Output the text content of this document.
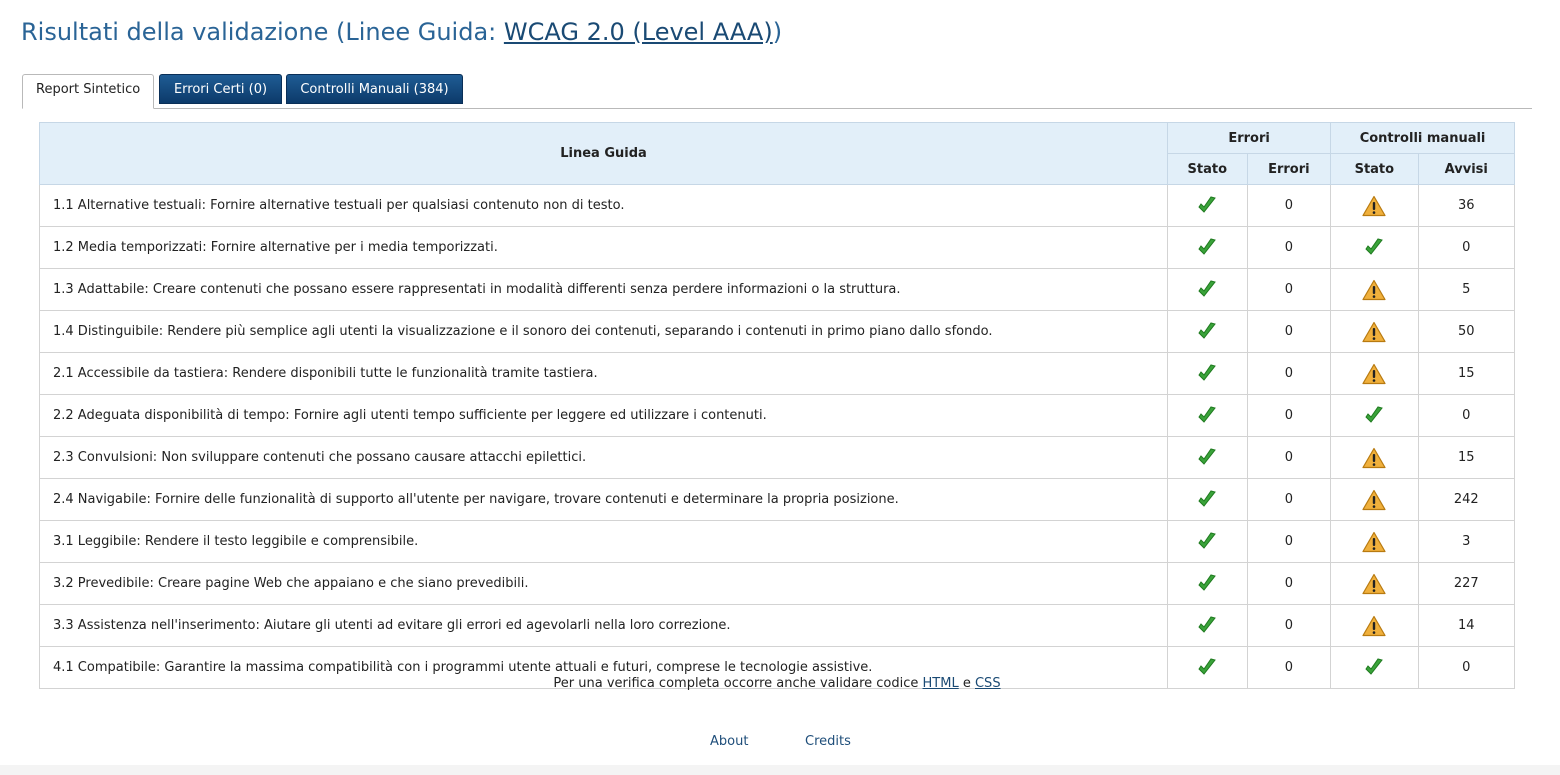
Risultati della validazione (Linee Guida: WCAG 2.0 (Level AAA))
Report Sintetico	Errori Certi (0)	Controlli Manuali (384)
Linea Guida	Errori		Controlli manuali	
	Stato	Errori	Stato	Avvisi
1.1 Alternative testuali: Fornire alternative testuali per qualsiasi contenuto non di testo.		0		36
1.2 Media temporizzati: Fornire alternative per i media temporizzati.		0		0
1.3 Adattabile: Creare contenuti che possano essere rappresentati in modalità differenti senza perdere informazioni o la struttura.		0		5
1.4 Distinguibile: Rendere più semplice agli utenti la visualizzazione e il sonoro dei contenuti, separando i contenuti in primo piano dallo sfondo.		0		50
2.1 Accessibile da tastiera: Rendere disponibili tutte le funzionalità tramite tastiera.		0		15
2.2 Adeguata disponibilità di tempo: Fornire agli utenti tempo sufficiente per leggere ed utilizzare i contenuti.		0		0
2.3 Convulsioni: Non sviluppare contenuti che possano causare attacchi epilettici.		0		15
2.4 Navigabile: Fornire delle funzionalità di supporto all'utente per navigare, trovare contenuti e determinare la propria posizione.		0		242
3.1 Leggibile: Rendere il testo leggibile e comprensibile.		0		3
3.2 Prevedibile: Creare pagine Web che appaiano e che siano prevedibili.		0		227
3.3 Assistenza nell'inserimento: Aiutare gli utenti ad evitare gli errori ed agevolarli nella loro correzione.		0		14
4.1 Compatibile: Garantire la massima compatibilità con i programmi utente attuali e futuri, comprese le tecnologie assistive.		0		0
Per una verifica completa occorre anche validare codice HTML e CSS
About	Credits
